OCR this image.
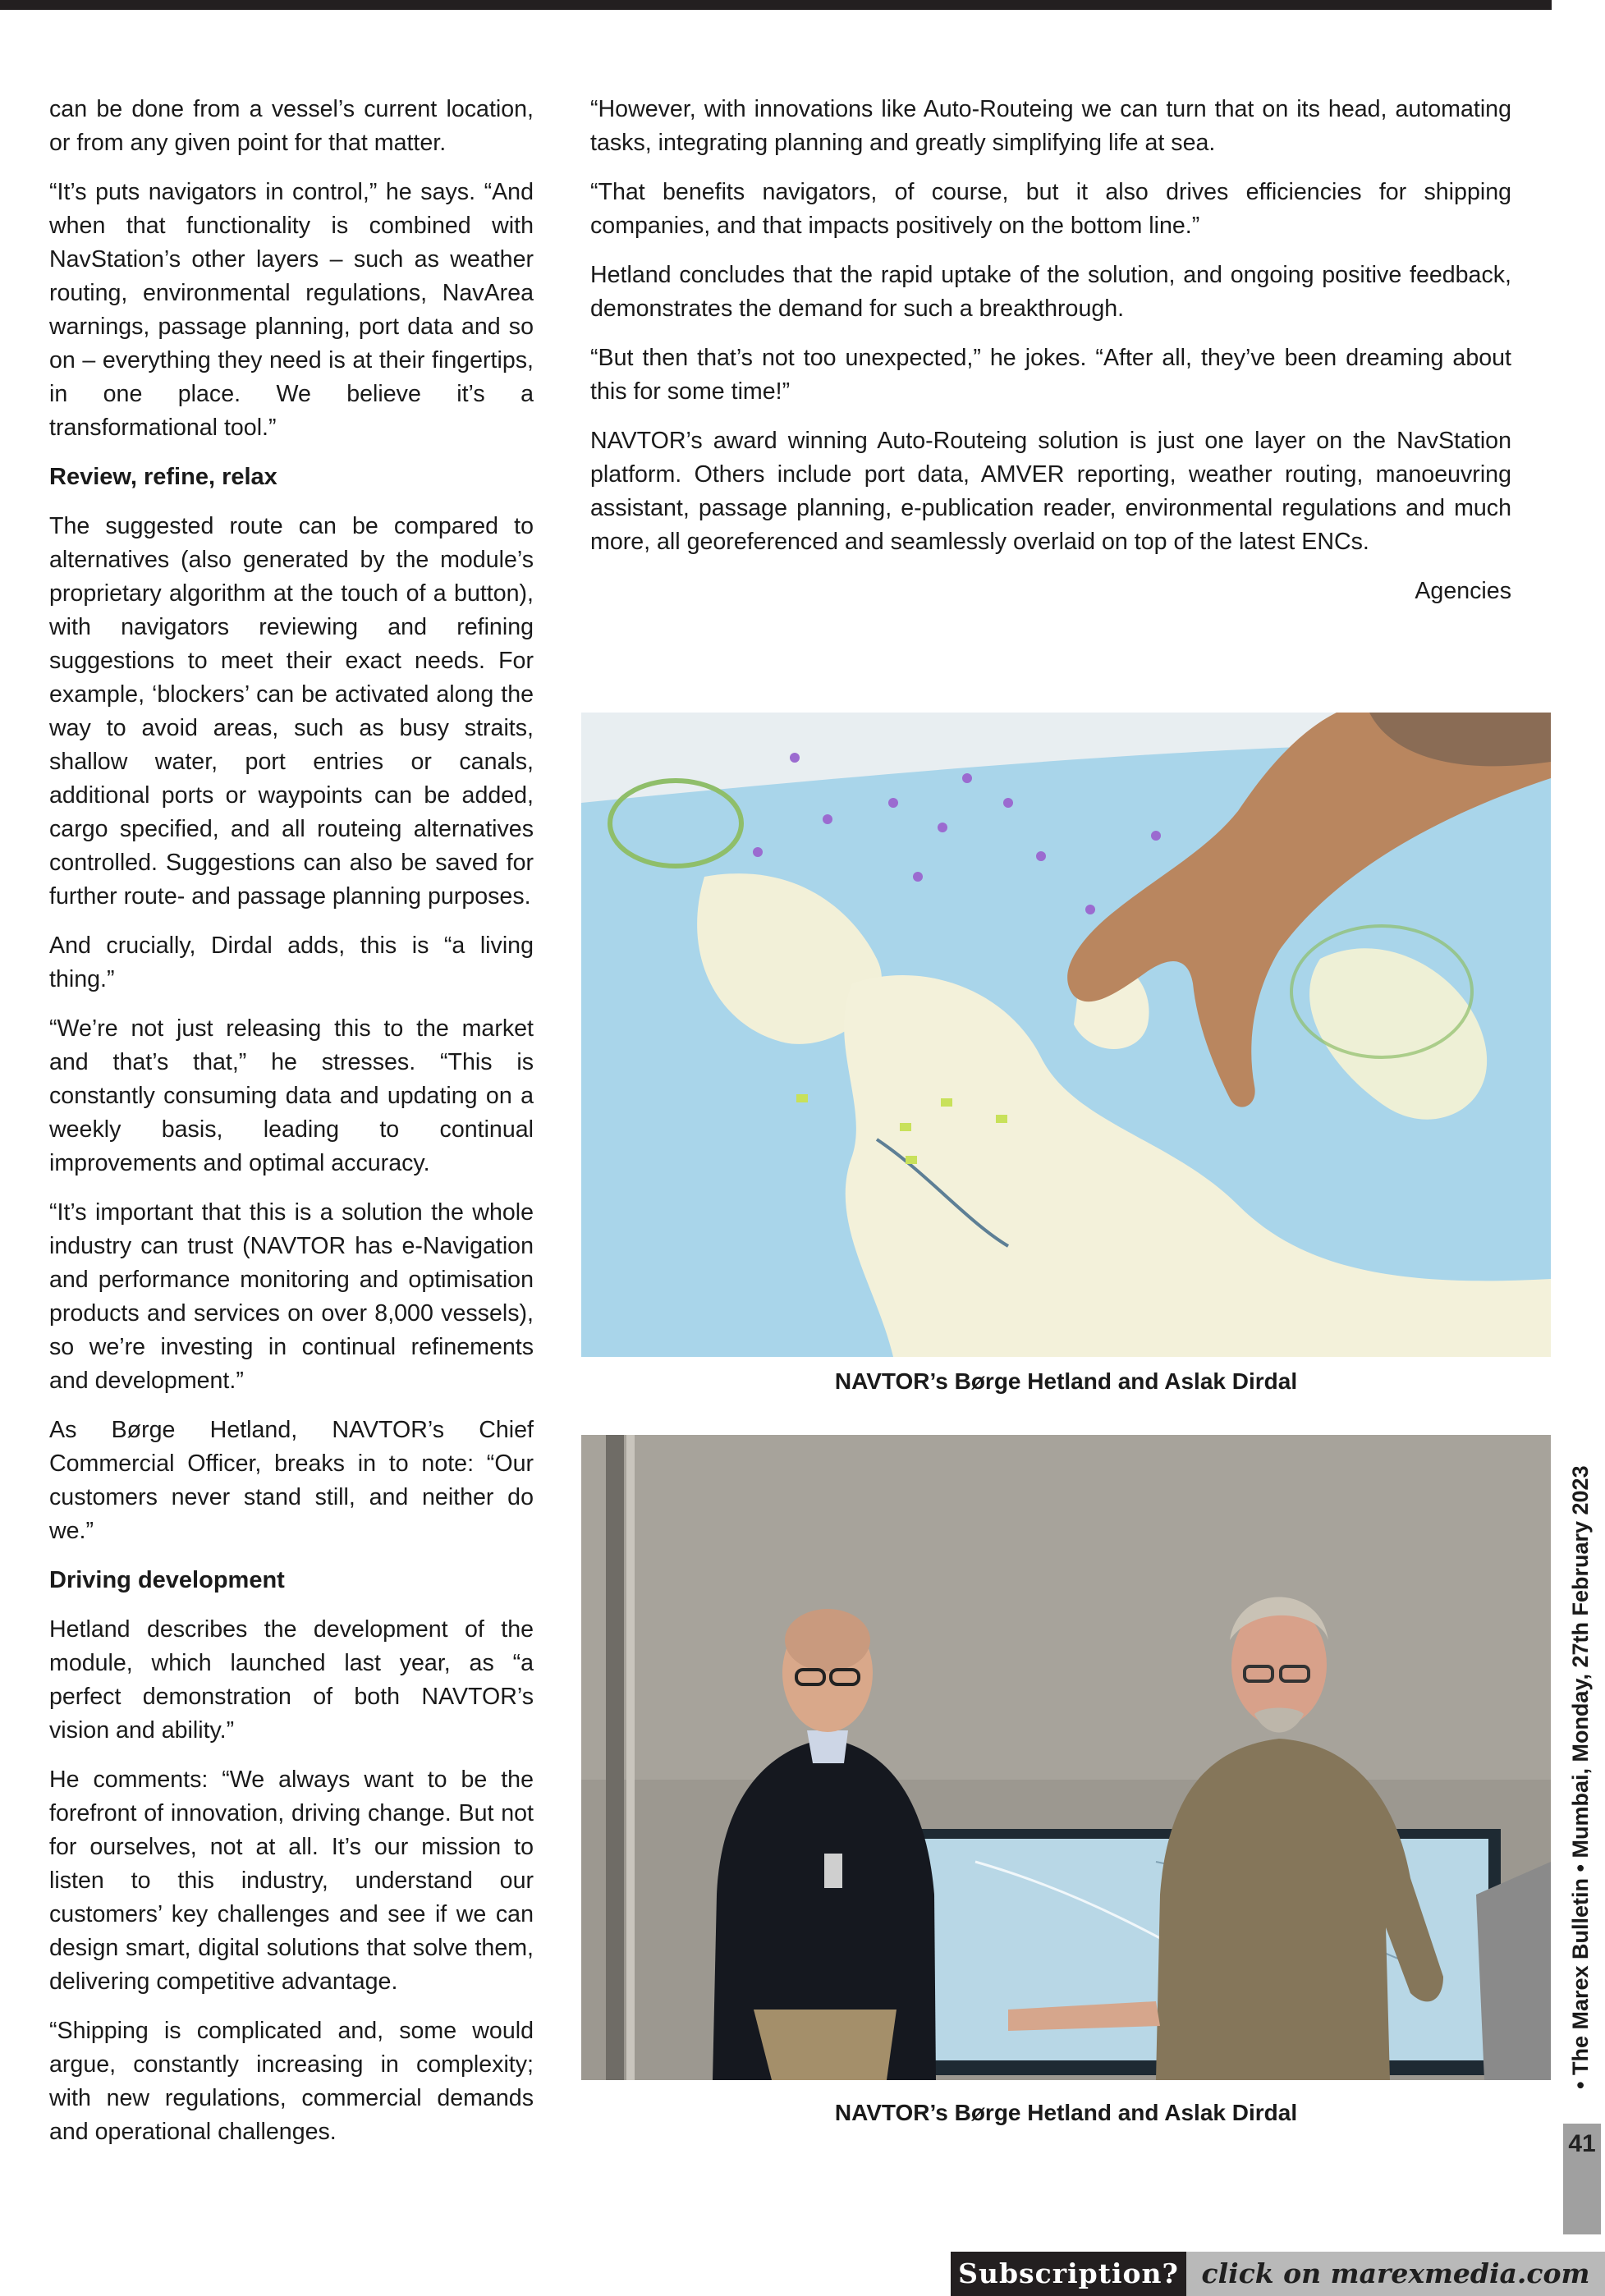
can be done from a vessel’s current location, or from any given point for that matter.

“It’s puts navigators in control,” he says. “And when that functionality is combined with NavStation’s other layers – such as weather routing, environmental regulations, NavArea warnings, passage planning, port data and so on – everything they need is at their fingertips, in one place. We believe it’s a transformational tool.”

Review, refine, relax

The suggested route can be compared to alternatives (also generated by the module’s proprietary algorithm at the touch of a button), with navigators reviewing and refining suggestions to meet their exact needs. For example, ‘blockers’ can be activated along the way to avoid areas, such as busy straits, shallow water, port entries or canals, additional ports or waypoints can be added, cargo specified, and all routeing alternatives controlled. Suggestions can also be saved for further route- and passage planning purposes.

And crucially, Dirdal adds, this is “a living thing.”

“We’re not just releasing this to the market and that’s that,” he stresses. “This is constantly consuming data and updating on a weekly basis, leading to continual improvements and optimal accuracy.

“It’s important that this is a solution the whole industry can trust (NAVTOR has e-Navigation and performance monitoring and optimisation products and services on over 8,000 vessels), so we’re investing in continual refinements and development.”

As Børge Hetland, NAVTOR’s Chief Commercial Officer, breaks in to note: “Our customers never stand still, and neither do we.”

Driving development

Hetland describes the development of the module, which launched last year, as “a perfect demonstration of both NAVTOR’s vision and ability.”

He comments: “We always want to be the forefront of innovation, driving change. But not for ourselves, not at all. It’s our mission to listen to this industry, understand our customers’ key challenges and see if we can design smart, digital solutions that solve them, delivering competitive advantage.

“Shipping is complicated and, some would argue, constantly increasing in complexity; with new regulations, commercial demands and operational challenges.

“However, with innovations like Auto-Routeing we can turn that on its head, automating tasks, integrating planning and greatly simplifying life at sea.

“That benefits navigators, of course, but it also drives efficiencies for shipping companies, and that impacts positively on the bottom line.”

Hetland concludes that the rapid uptake of the solution, and ongoing positive feedback, demonstrates the demand for such a breakthrough.

“But then that’s not too unexpected,” he jokes. “After all, they’ve been dreaming about this for some time!”

NAVTOR’s award winning Auto-Routeing solution is just one layer on the NavStation platform. Others include port data, AMVER reporting, weather routing, manoeuvring assistant, passage planning, e-publication reader, environmental regulations and much more, all georeferenced and seamlessly overlaid on top of the latest ENCs.

Agencies

NAVTOR’s Børge Hetland and Aslak Dirdal
NAVTOR’s Børge Hetland and Aslak Dirdal
• The Marex Bulletin • Mumbai, Monday, 27th February 2023
41
Subscription? click on marexmedia.com
